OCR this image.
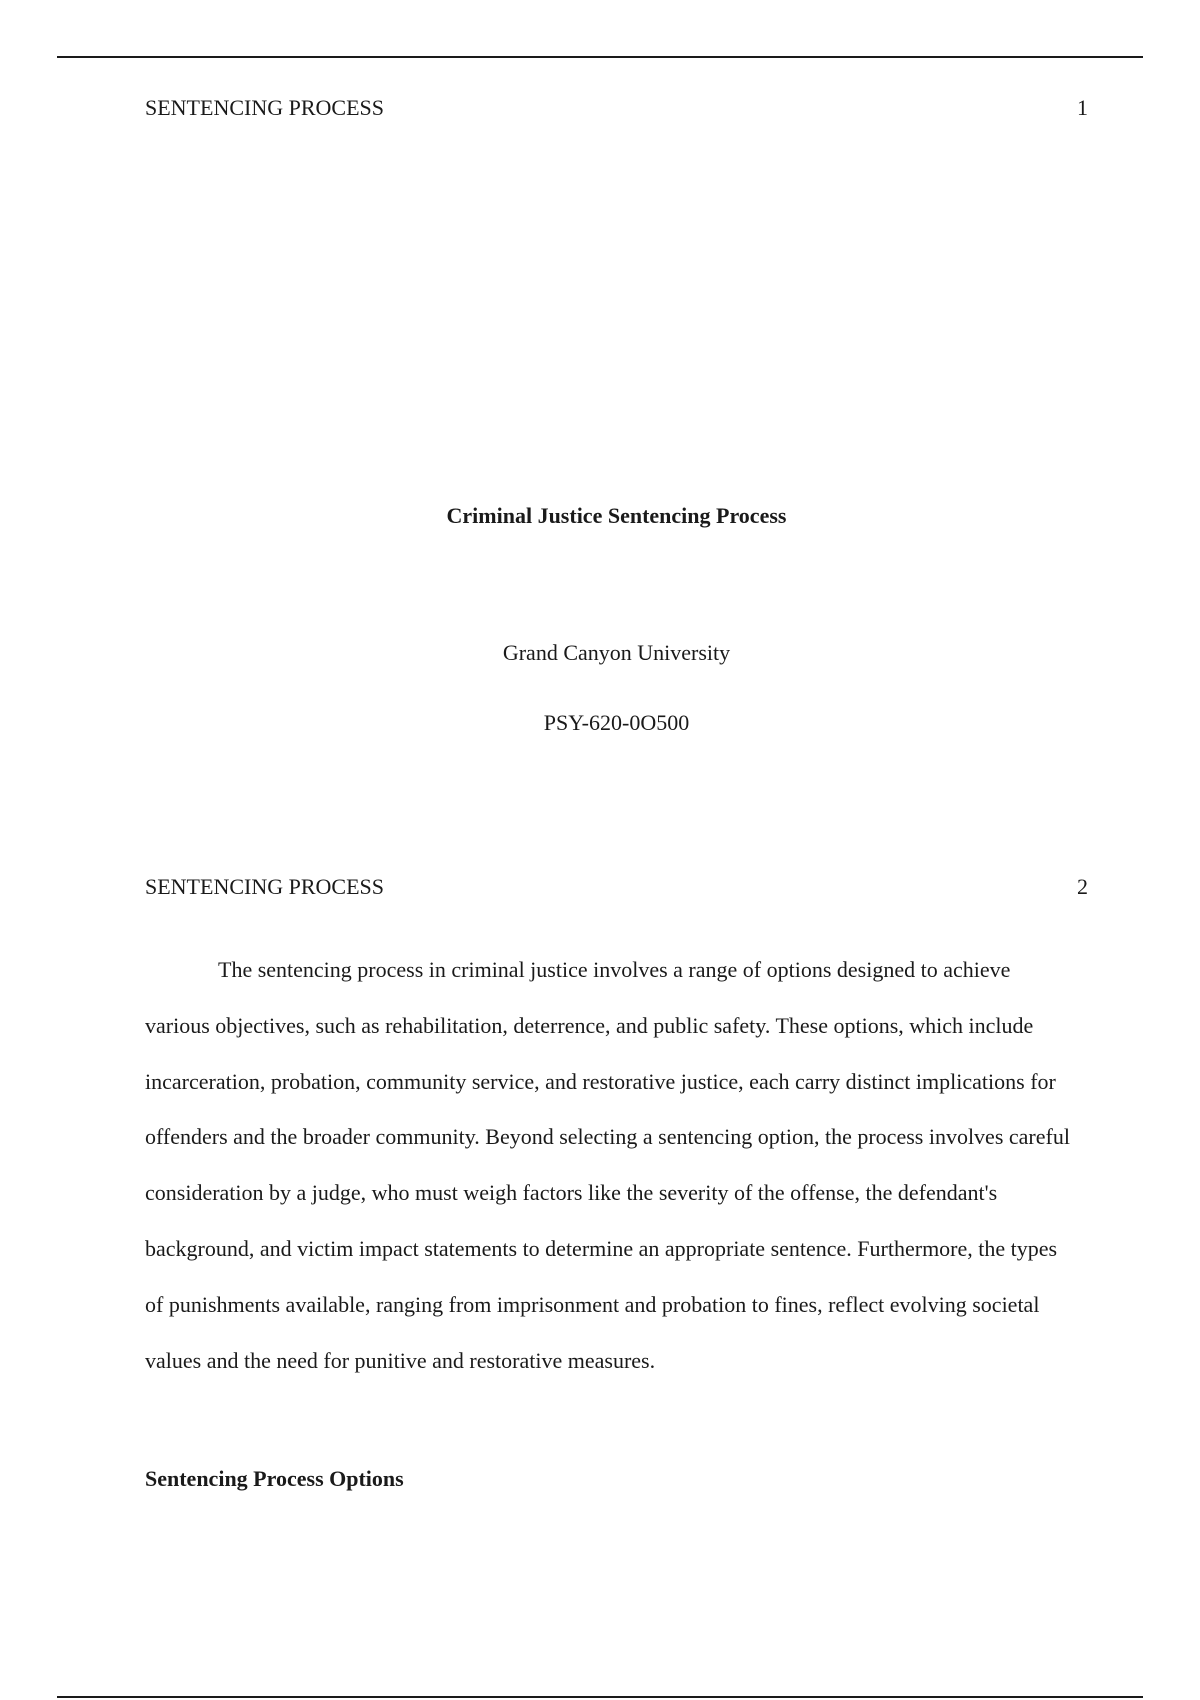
SENTENCING PROCESS	1
Criminal Justice Sentencing Process
Grand Canyon University
PSY-620-0O500
SENTENCING PROCESS	2

The sentencing process in criminal justice involves a range of options designed to achieve various objectives, such as rehabilitation, deterrence, and public safety. These options, which include incarceration, probation, community service, and restorative justice, each carry distinct implications for offenders and the broader community. Beyond selecting a sentencing option, the process involves careful consideration by a judge, who must weigh factors like the severity of the offense, the defendant's background, and victim impact statements to determine an appropriate sentence. Furthermore, the types of punishments available, ranging from imprisonment and probation to fines, reflect evolving societal values and the need for punitive and restorative measures.

Sentencing Process Options
